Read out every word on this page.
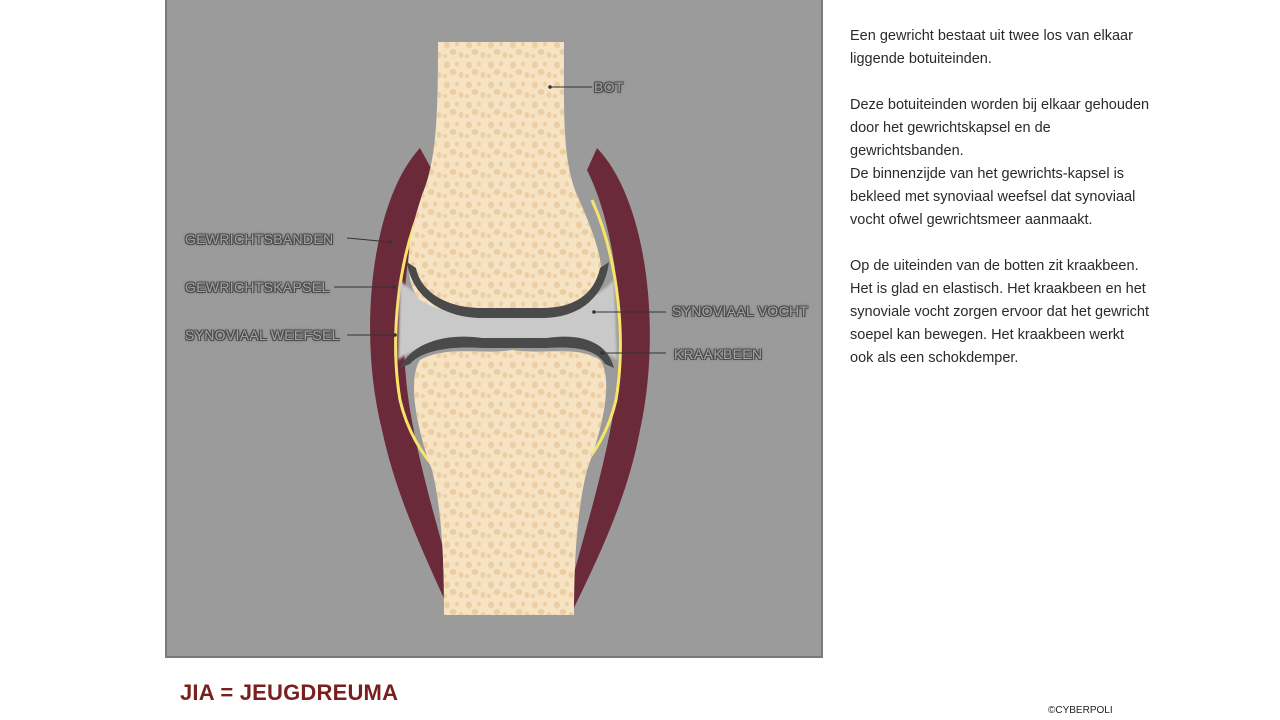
BOT
GEWRICHTSBANDEN
GEWRICHTSKAPSEL
SYNOVIAAL WEEFSEL
SYNOVIAAL VOCHT
KRAAKBEEN

Een gewricht bestaat uit twee los van elkaar liggende botuiteinden.

Deze botuiteinden worden bij elkaar gehouden door het gewrichtskapsel en de gewrichtsbanden.

De binnenzijde van het gewrichts-kapsel is bekleed met synoviaal weefsel dat synoviaal vocht ofwel gewrichtsmeer aanmaakt.

Op de uiteinden van de botten zit kraakbeen. Het is glad en elastisch. Het kraakbeen en het synoviale vocht zorgen ervoor dat het gewricht soepel kan bewegen. Het kraakbeen werkt ook als een schokdemper.

JIA = JEUGDREUMA
©CYBERPOLI
